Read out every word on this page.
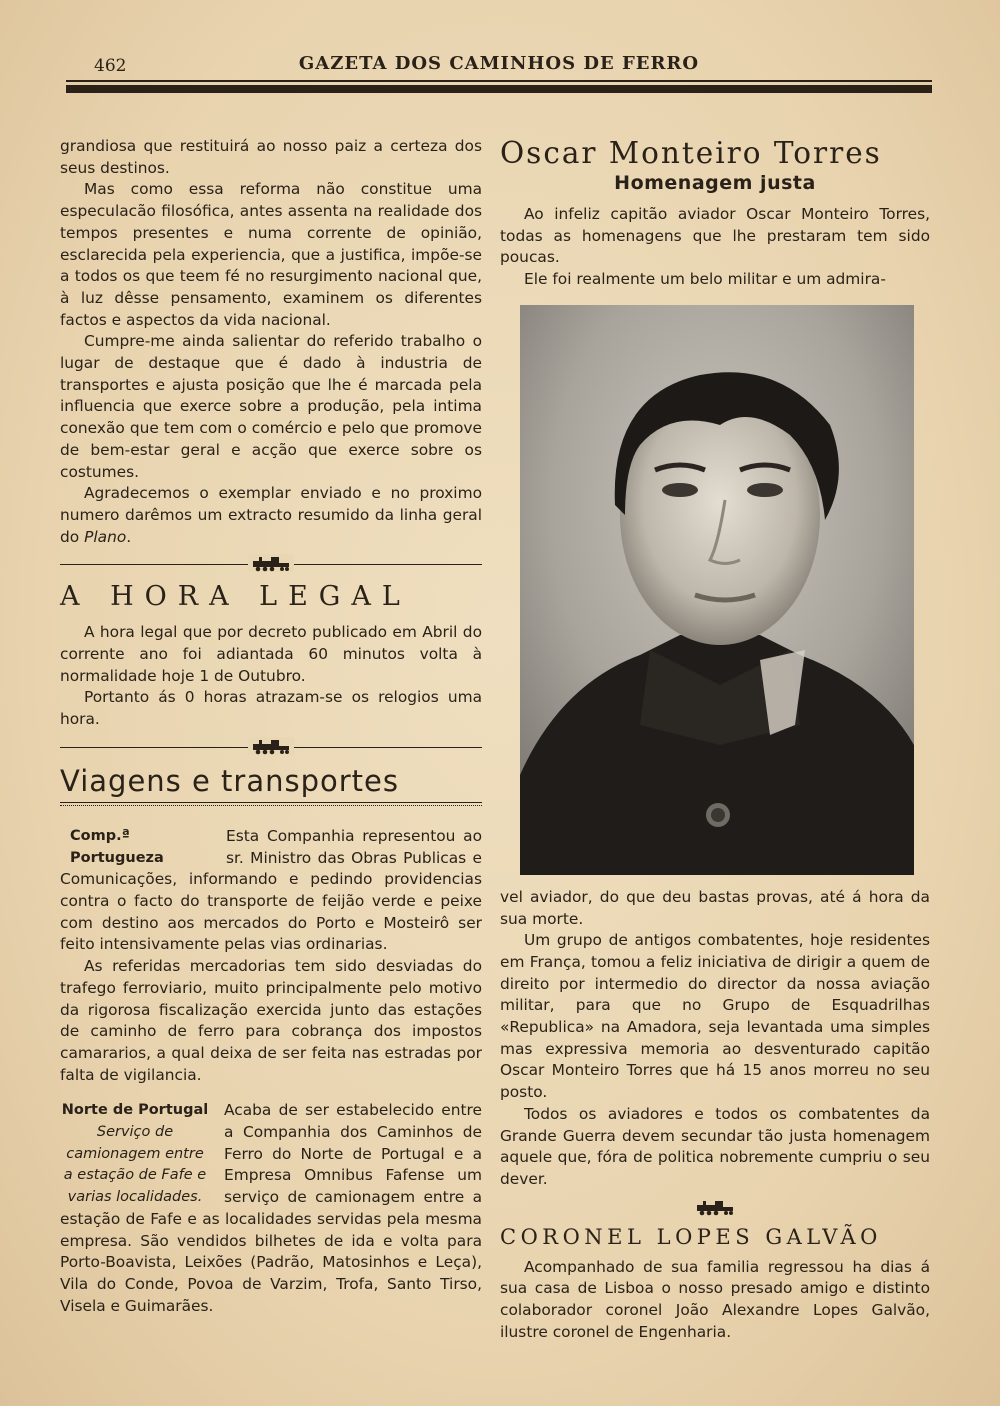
462	GAZETA DOS CAMINHOS DE FERRO

grandiosa que restituirá ao nosso paiz a certeza dos seus destinos.

Mas como essa reforma não constitue uma especulacão filosófica, antes assenta na realidade dos tempos presentes e numa corrente de opinião, esclarecida pela experiencia, que a justifica, impõe-se a todos os que teem fé no resurgimento nacional que, à luz dêsse pensamento, examinem os diferentes factos e aspectos da vida nacional.

Cumpre-me ainda salientar do referido trabalho o lugar de destaque que é dado à industria de transportes e ajusta posição que lhe é marcada pela influencia que exerce sobre a produção, pela intima conexão que tem com o comércio e pelo que promove de bem-estar geral e acção que exerce sobre os costumes.

Agradecemos o exemplar enviado e no proximo numero darêmos um extracto resumido da linha geral do Plano.

A HORA LEGAL

A hora legal que por decreto publicado em Abril do corrente ano foi adiantada 60 minutos volta à normalidade hoje 1 de Outubro.

Portanto ás 0 horas atrazam-se os relogios uma hora.

Viagens e transportes
Comp.ª Portugueza

Esta Companhia representou ao sr. Ministro das Obras Publicas e Comunicações, informando e pedindo providencias contra o facto do transporte de feijão verde e peixe com destino aos mercados do Porto e Mosteirô ser feito intensivamente pelas vias ordinarias.

As referidas mercadorias tem sido desviadas do trafego ferroviario, muito principalmente pelo motivo da rigorosa fiscalização exercida junto das estações de caminho de ferro para cobrança dos impostos camararios, a qual deixa de ser feita nas estradas por falta de vigilancia.

Norte de Portugal
Serviço de camionagem entre a estação de Fafe e varias localidades.

Acaba de ser estabelecido entre a Companhia dos Caminhos de Ferro do Norte de Portugal e a Empresa Omnibus Fafense um serviço de camionagem entre a estação de Fafe e as localidades servidas pela mesma empresa. São vendidos bilhetes de ida e volta para Porto-Boavista, Leixões (Padrão, Matosinhos e Leça), Vila do Conde, Povoa de Varzim, Trofa, Santo Tirso, Visela e Guimarães.

Oscar Monteiro Torres
Homenagem justa

Ao infeliz capitão aviador Oscar Monteiro Torres, todas as homenagens que lhe prestaram tem sido poucas.

Ele foi realmente um belo militar e um admira-

vel aviador, do que deu bastas provas, até á hora da sua morte.

Um grupo de antigos combatentes, hoje residentes em França, tomou a feliz iniciativa de dirigir a quem de direito por intermedio do director da nossa aviação militar, para que no Grupo de Esquadrilhas «Republica» na Amadora, seja levantada uma simples mas expressiva memoria ao desventurado capitão Oscar Monteiro Torres que há 15 anos morreu no seu posto.

Todos os aviadores e todos os combatentes da Grande Guerra devem secundar tão justa homenagem aquele que, fóra de politica nobremente cumpriu o seu dever.

CORONEL LOPES GALVÃO

Acompanhado de sua familia regressou ha dias á sua casa de Lisboa o nosso presado amigo e distinto colaborador coronel João Alexandre Lopes Galvão, ilustre coronel de Engenharia.
